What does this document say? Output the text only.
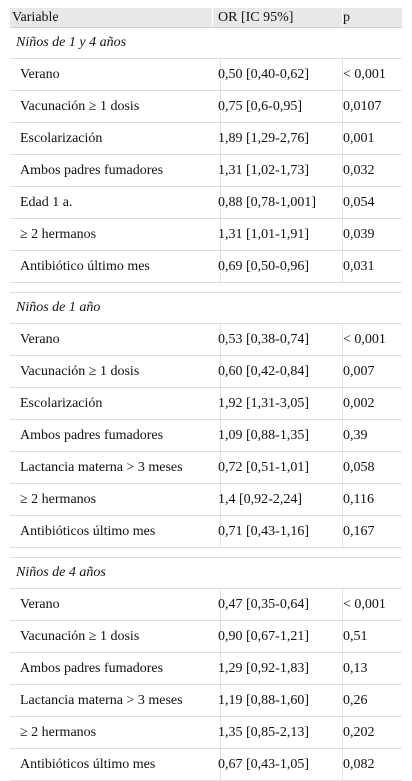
Variable	OR [IC 95%]	p
Niños de 1 y 4 años
Verano	0,50 [0,40-0,62]	< 0,001
Vacunación ≥ 1 dosis	0,75 [0,6-0,95]	0,0107
Escolarización	1,89 [1,29-2,76]	0,001
Ambos padres fumadores	1,31 [1,02-1,73]	0,032
Edad 1 a.	0,88 [0,78-1,001]	0,054
≥ 2 hermanos	1,31 [1,01-1,91]	0,039
Antibiótico último mes	0,69 [0,50-0,96]	0,031
Niños de 1 año
Verano	0,53 [0,38-0,74]	< 0,001
Vacunación ≥ 1 dosis	0,60 [0,42-0,84]	0,007
Escolarización	1,92 [1,31-3,05]	0,002
Ambos padres fumadores	1,09 [0,88-1,35]	0,39
Lactancia materna > 3 meses	0,72 [0,51-1,01]	0,058
≥ 2 hermanos	1,4 [0,92-2,24]	0,116
Antibióticos último mes	0,71 [0,43-1,16]	0,167
Niños de 4 años
Verano	0,47 [0,35-0,64]	< 0,001
Vacunación ≥ 1 dosis	0,90 [0,67-1,21]	0,51
Ambos padres fumadores	1,29 [0,92-1,83]	0,13
Lactancia materna > 3 meses	1,19 [0,88-1,60]	0,26
≥ 2 hermanos	1,35 [0,85-2,13]	0,202
Antibióticos último mes	0,67 [0,43-1,05]	0,082
